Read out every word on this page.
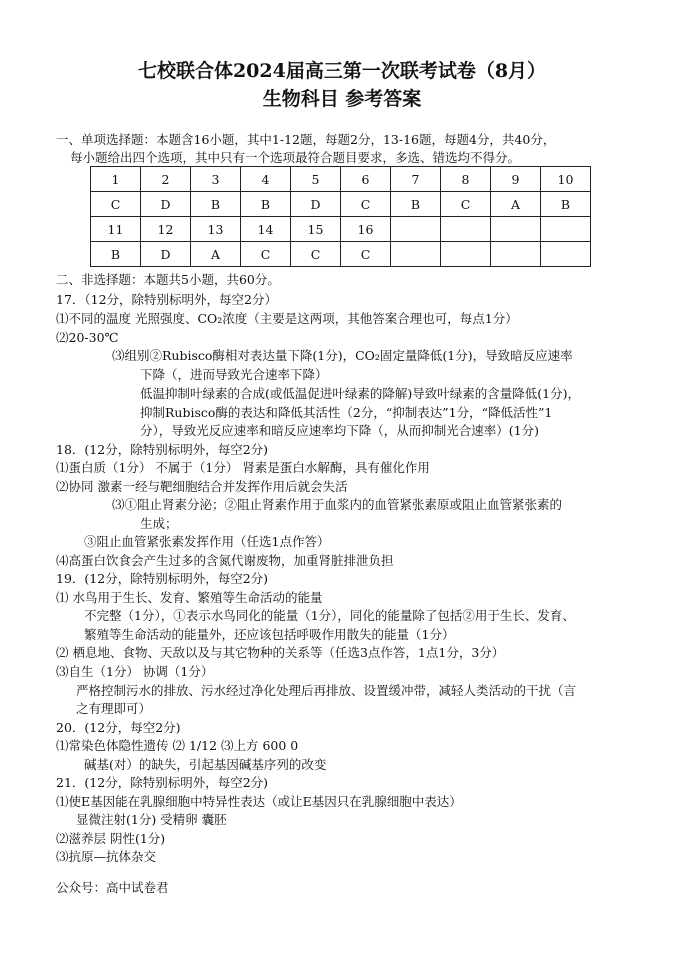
七校联合体2024届高三第一次联考试卷（8月）
生物科目 参考答案
一、单项选择题：本题含16小题，其中1-12题，每题2分，13-16题，每题4分，共40分，
每小题给出四个选项，其中只有一个选项最符合题目要求，多选、错选均不得分。
1	2	3	4	5	6	7	8	9	10
C	D	B	B	D	C	B	C	A	B
11	12	13	14	15	16				
B	D	A	C	C	C				
二、非选择题：本题共5小题，共60分。
17．（12分，除特别标明外，每空2分）
⑴不同的温度 光照强度、CO₂浓度（主要是这两项，其他答案合理也可，每点1分）
⑵20-30℃
⑶组别②Rubisco酶相对表达量下降(1分)，CO₂固定量降低(1分)，导致暗反应速率
下降（，进而导致光合速率下降）
低温抑制叶绿素的合成(或低温促进叶绿素的降解)导致叶绿素的含量降低(1分)，
抑制Rubisco酶的表达和降低其活性（2分，“抑制表达”1分，“降低活性”1
分），导致光反应速率和暗反应速率均下降（，从而抑制光合速率）(1分)
18．(12分，除特别标明外，每空2分)
⑴蛋白质（1分） 不属于（1分） 肾素是蛋白水解酶，具有催化作用
⑵协同 激素一经与靶细胞结合并发挥作用后就会失活
⑶①阻止肾素分泌；②阻止肾素作用于血浆内的血管紧张素原或阻止血管紧张素的
生成；
③阻止血管紧张素发挥作用（任选1点作答）
⑷高蛋白饮食会产生过多的含氮代谢废物，加重肾脏排泄负担
19．(12分，除特别标明外，每空2分)
⑴ 水鸟用于生长、发育、繁殖等生命活动的能量
不完整（1分），①表示水鸟同化的能量（1分），同化的能量除了包括②用于生长、发育、
繁殖等生命活动的能量外，还应该包括呼吸作用散失的能量（1分）
⑵ 栖息地、食物、天敌以及与其它物种的关系等（任选3点作答，1点1分，3分）
⑶自生（1分） 协调（1分）
严格控制污水的排放、污水经过净化处理后再排放、设置缓冲带，减轻人类活动的干扰（言
之有理即可）
20．(12分，每空2分)
⑴常染色体隐性遗传 ⑵ 1/12 ⑶上方 600 0
碱基(对）的缺失，引起基因碱基序列的改变
21．(12分，除特别标明外，每空2分)
⑴使E基因能在乳腺细胞中特异性表达（或让E基因只在乳腺细胞中表达）
显微注射(1分) 受精卵 囊胚
⑵滋养层 阴性(1分)
⑶抗原—抗体杂交
公众号：高中试卷君
